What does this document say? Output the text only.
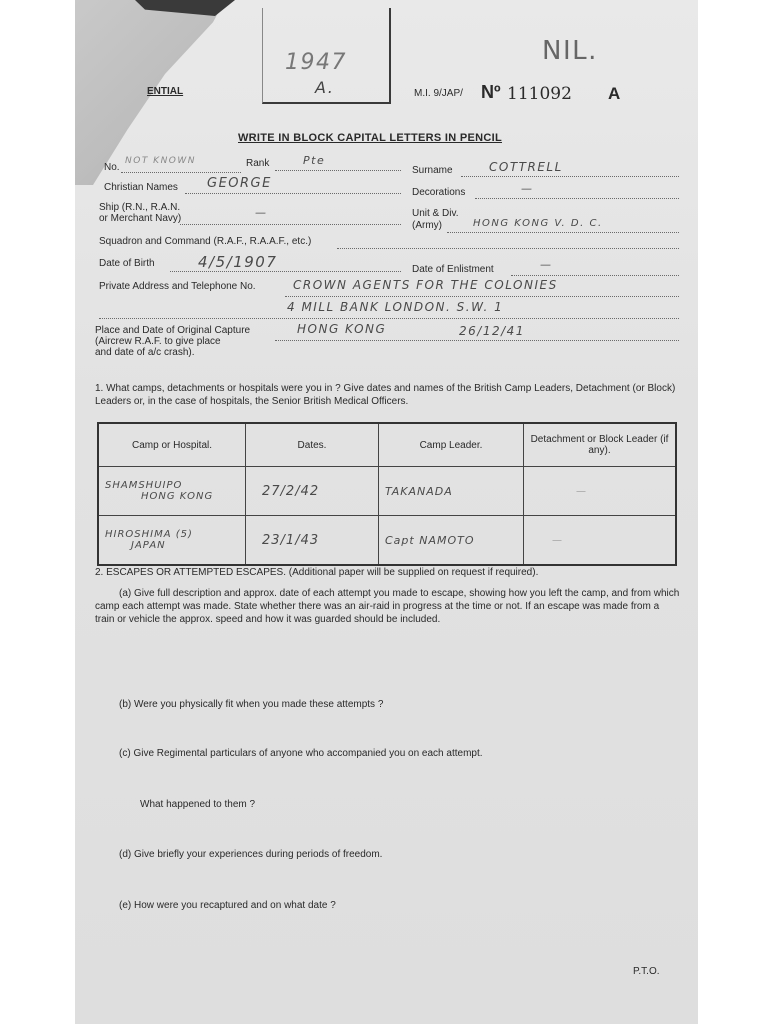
1947
A.
ENTIAL
NIL.
M.I. 9/JAP/ Nº 111092 A
WRITE IN BLOCK CAPITAL LETTERS IN PENCIL
No.
NOT KNOWN	Rank	Pte
Surname	COTTRELL
Christian Names GEORGE
Decorations	—
Ship (R.N., R.A.N.
or Merchant Navy)	—	Unit & Div.
(Army)	HONG KONG V. D. C.
Squadron and Command (R.A.F., R.A.A.F., etc.)
Date of Birth	4/5/1907	Date of Enlistment	—
Private Address and Telephone No.	CROWN AGENTS FOR THE COLONIES
4 MILL BANK LONDON. S.W. 1
Place and Date of Original Capture
(Aircrew R.A.F. to give place
and date of a/c crash).
HONG KONG	26/12/41
1. What camps, detachments or hospitals were you in ? Give dates and names of the British Camp Leaders, Detachment (or Block) Leaders or, in the case of hospitals, the Senior British Medical Officers.
Camp or Hospital.	Dates.	Camp Leader.	Detachment or Block Leader (if any).

SHAMSHUIPO
HONG KONG	27/2/42	TAKANADA	—

HIROSHIMA (5)
JAPAN	23/1/43	Capt NAMOTO	—
2. ESCAPES OR ATTEMPTED ESCAPES. (Additional paper will be supplied on request if required).
(a) Give full description and approx. date of each attempt you made to escape, showing how you left the camp, and from which camp each attempt was made. State whether there was an air-raid in progress at the time or not. If an escape was made from a train or vehicle the approx. speed and how it was guarded should be included.
(b) Were you physically fit when you made these attempts ?
(c) Give Regimental particulars of anyone who accompanied you on each attempt.
What happened to them ?
(d) Give briefly your experiences during periods of freedom.
(e) How were you recaptured and on what date ?
P.T.O.
